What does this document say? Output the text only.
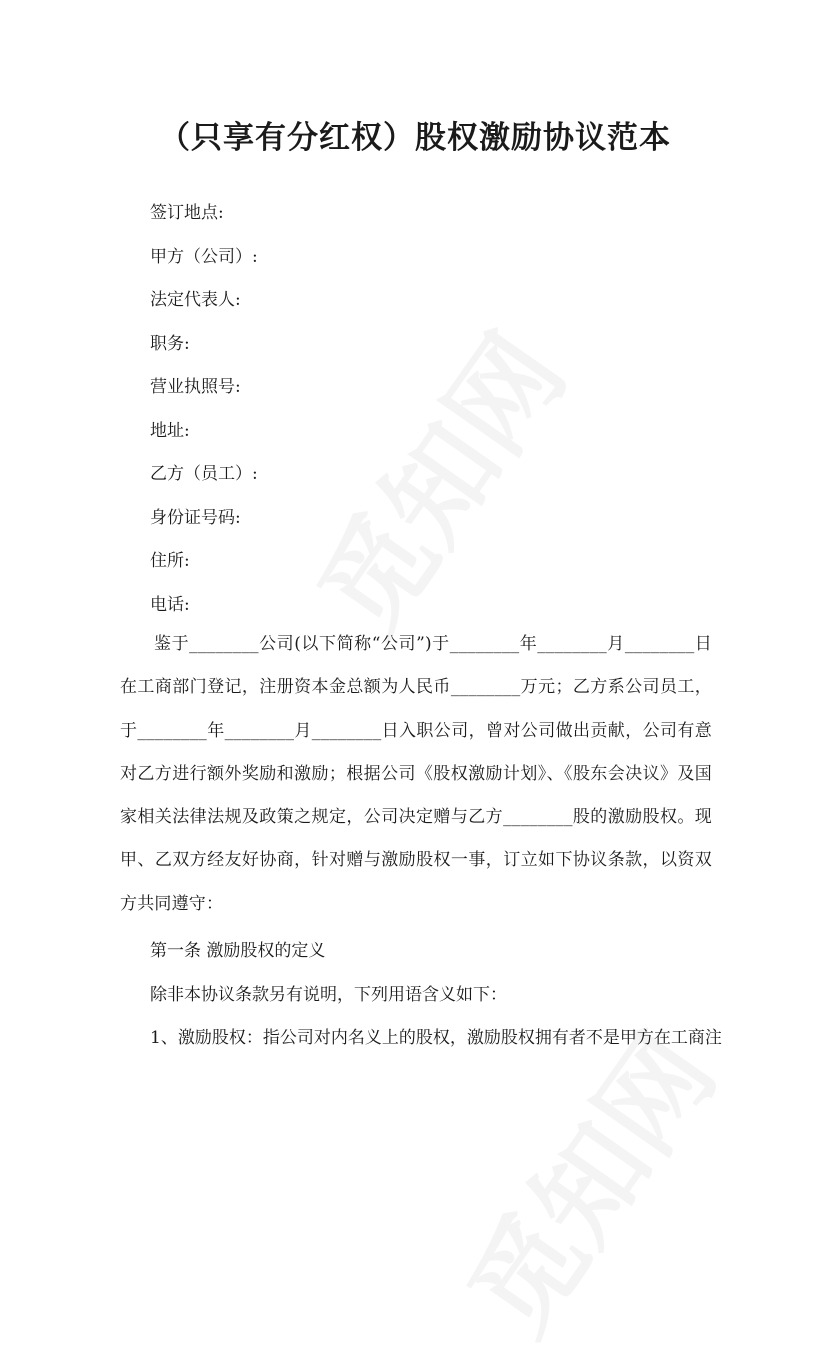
（只享有分红权）股权激励协议范本
签订地点:
甲方（公司）:
法定代表人:
职务:
营业执照号:
地址:
乙方（员工）:
身份证号码:
住所:
电话:
鉴于________公司(以下简称“公司”)于________年________月________日在工商部门登记，注册资本金总额为人民币________万元；乙方系公司员工，于________年________月________日入职公司，曾对公司做出贡献，公司有意对乙方进行额外奖励和激励；根据公司《股权激励计划》、《股东会决议》及国家相关法律法规及政策之规定，公司决定赠与乙方________股的激励股权。现甲、乙双方经友好协商，针对赠与激励股权一事，订立如下协议条款，以资双方共同遵守：
第一条 激励股权的定义
除非本协议条款另有说明，下列用语含义如下：
1、激励股权：指公司对内名义上的股权，激励股权拥有者不是甲方在工商注
